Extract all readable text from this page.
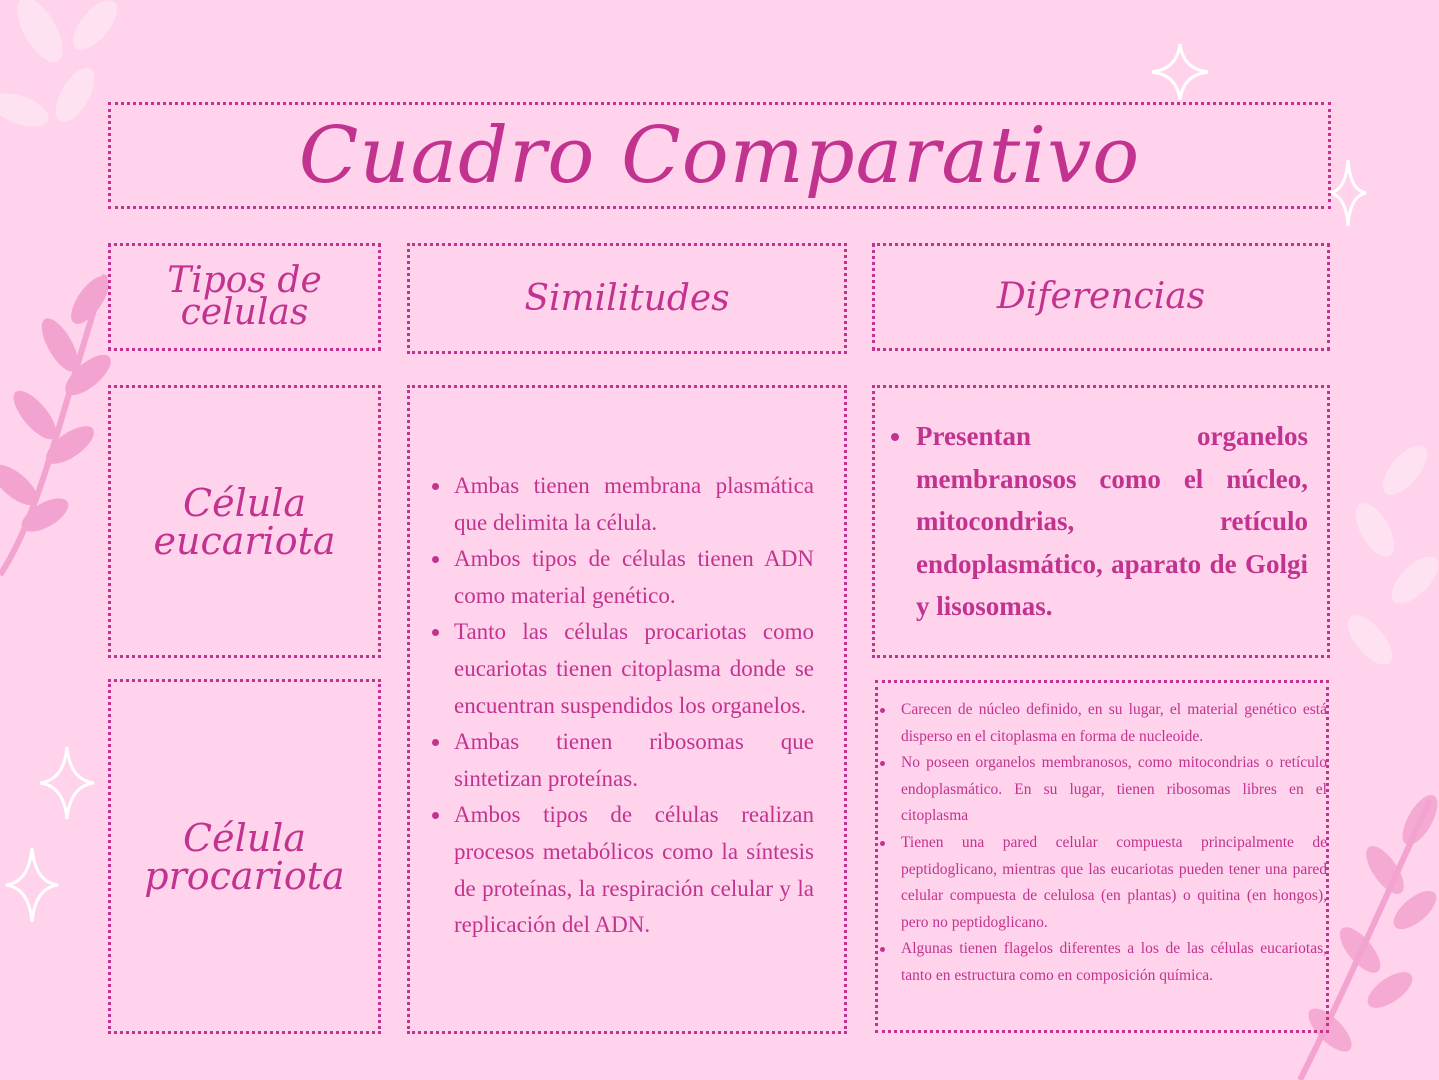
Cuadro Comparativo
Tipos de
celulas	Similitudes	Diferencias
Célula
eucariota
Célula
procariota
Ambas tienen membrana plasmática que delimita la célula.
Ambos tipos de células tienen ADN como material genético.
Tanto las células procariotas como eucariotas tienen citoplasma donde se encuentran suspendidos los organelos.
Ambas tienen ribosomas que sintetizan proteínas.
Ambos tipos de células realizan procesos metabólicos como la síntesis de proteínas, la respiración celular y la replicación del ADN.
Presentan organelos membranosos como el núcleo, mitocondrias, retículo endoplasmático, aparato de Golgi y lisosomas.
Carecen de núcleo definido, en su lugar, el material genético está disperso en el citoplasma en forma de nucleoide.
No poseen organelos membranosos, como mitocondrias o retículo endoplasmático. En su lugar, tienen ribosomas libres en el citoplasma
Tienen una pared celular compuesta principalmente de peptidoglicano, mientras que las eucariotas pueden tener una pared celular compuesta de celulosa (en plantas) o quitina (en hongos), pero no peptidoglicano.
Algunas tienen flagelos diferentes a los de las células eucariotas, tanto en estructura como en composición química.
